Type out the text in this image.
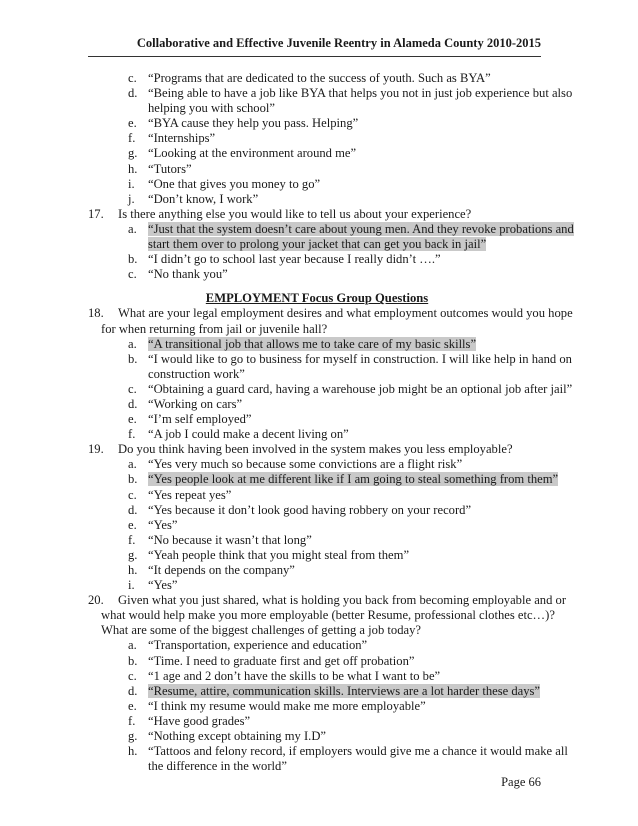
Collaborative and Effective Juvenile Reentry in Alameda County 2010-2015
c. “Programs that are dedicated to the success of youth. Such as BYA”
d. “Being able to have a job like BYA that helps you not in just job experience but also
helping you with school”
e. “BYA cause they help you pass. Helping”
f.	“Internships”
g. “Looking at the environment around me”
h. “Tutors”
i.	“One that gives you money to go”
j.	“Don’t know, I work”
17.	Is there anything else you would like to tell us about your experience?
a. “Just that the system doesn’t care about young men. And they revoke probations and
start them over to prolong your jacket that can get you back in jail”
b. “I didn’t go to school last year because I really didn’t ….”
c. “No thank you”
EMPLOYMENT Focus Group Questions
18.	What are your legal employment desires and what employment outcomes would you hope
for when returning from jail or juvenile hall?
a. “A transitional job that allows me to take care of my basic skills”
b. “I would like to go to business for myself in construction. I will like help in hand on
construction work”
c. “Obtaining a guard card, having a warehouse job might be an optional job after jail”
d. “Working on cars”
e. “I’m self employed”
f.	“A job I could make a decent living on”
19.	Do you think having been involved in the system makes you less employable?
a. “Yes very much so because some convictions are a flight risk”
b. “Yes people look at me different like if I am going to steal something from them”
c. “Yes repeat yes”
d. “Yes because it don’t look good having robbery on your record”
e. “Yes”
f.	“No because it wasn’t that long”
g. “Yeah people think that you might steal from them”
h. “It depends on the company”
i.	“Yes”
20.	Given what you just shared, what is holding you back from becoming employable and or
what would help make you more employable (better Resume, professional clothes etc…)?
What are some of the biggest challenges of getting a job today?
a. “Transportation, experience and education”
b. “Time. I need to graduate first and get off probation”
c. “1 age and 2 don’t have the skills to be what I want to be”
d. “Resume, attire, communication skills. Interviews are a lot harder these days”
e. “I think my resume would make me more employable”
f.	“Have good grades”
g. “Nothing except obtaining my I.D”
h. “Tattoos and felony record, if employers would give me a chance it would make all
the difference in the world”
Page 66
